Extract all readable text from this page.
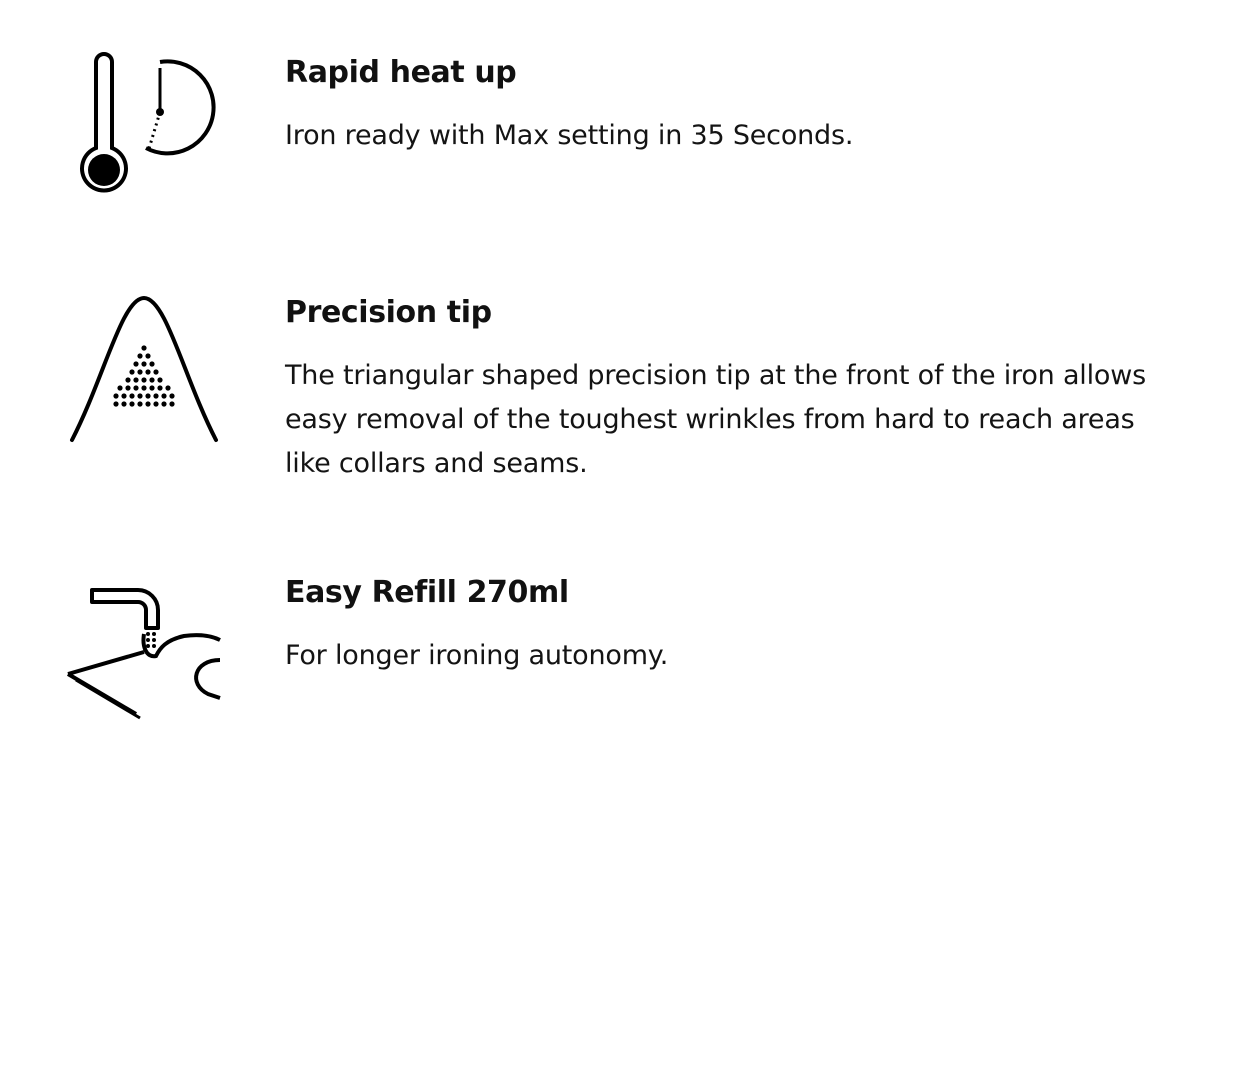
Rapid heat up

Iron ready with Max setting in 35 Seconds.

Precision tip

The triangular shaped precision tip at the front of the iron allows easy removal of the toughest wrinkles from hard to reach areas like collars and seams.

Easy Refill 270ml

For longer ironing autonomy.
